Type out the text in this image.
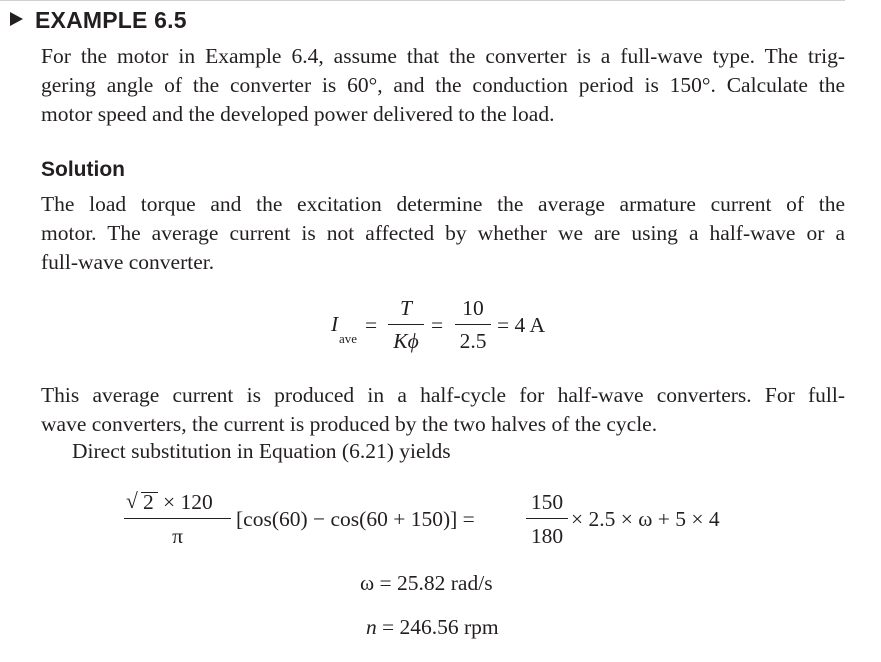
EXAMPLE 6.5
For the motor in Example 6.4, assume that the converter is a full-wave type. The trig-
gering angle of the converter is 60°, and the conduction period is 150°. Calculate the
motor speed and the developed power delivered to the load.
Solution
The load torque and the excitation determine the average armature current of the
motor. The average current is not affected by whether we are using a half-wave or a
full-wave converter.
I
ave
=
T
Kϕ
=
10
2.5
= 4 A
This average current is produced in a half-cycle for half-wave converters. For full-
wave converters, the current is produced by the two halves of the cycle.
Direct substitution in Equation (6.21) yields
√ 2 × 120
π
[cos(60) − cos(60 + 150)] =
150
180
× 2.5 × ω + 5 × 4
ω = 25.82 rad/s
n = 246.56 rpm
